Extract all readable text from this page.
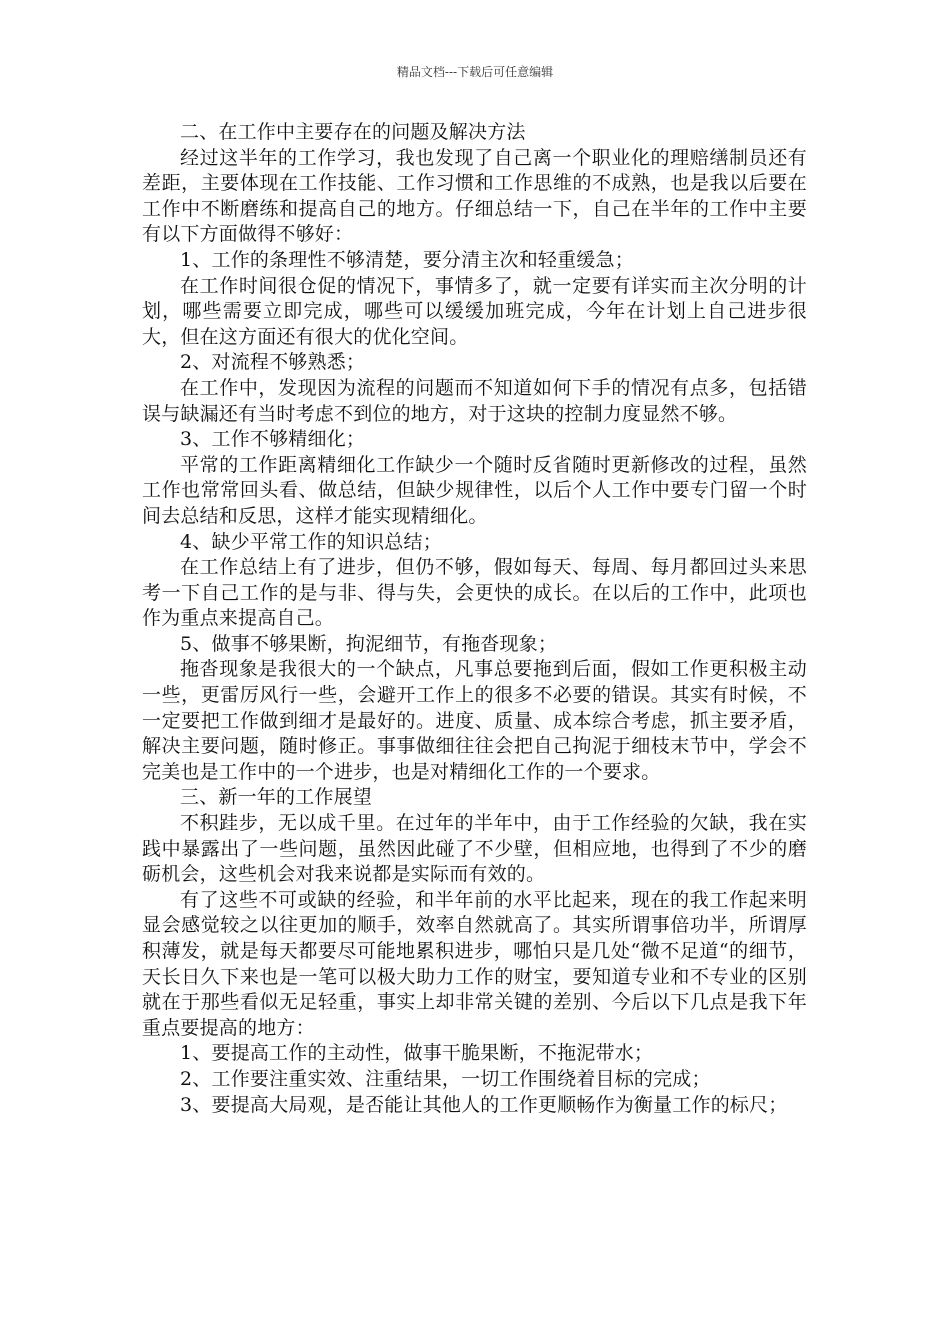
精品文档---下载后可任意编辑

二、在工作中主要存在的问题及解决方法

经过这半年的工作学习，我也发现了自己离一个职业化的理赔缮制员还有差距，主要体现在工作技能、工作习惯和工作思维的不成熟，也是我以后要在工作中不断磨练和提高自己的地方。仔细总结一下，自己在半年的工作中主要有以下方面做得不够好：

1、工作的条理性不够清楚，要分清主次和轻重缓急；

在工作时间很仓促的情况下，事情多了，就一定要有详实而主次分明的计划，哪些需要立即完成，哪些可以缓缓加班完成，今年在计划上自己进步很大，但在这方面还有很大的优化空间。

2、对流程不够熟悉；

在工作中，发现因为流程的问题而不知道如何下手的情况有点多，包括错误与缺漏还有当时考虑不到位的地方，对于这块的控制力度显然不够。

3、工作不够精细化；

平常的工作距离精细化工作缺少一个随时反省随时更新修改的过程，虽然工作也常常回头看、做总结，但缺少规律性，以后个人工作中要专门留一个时间去总结和反思，这样才能实现精细化。

4、缺少平常工作的知识总结；

在工作总结上有了进步，但仍不够，假如每天、每周、每月都回过头来思考一下自己工作的是与非、得与失，会更快的成长。在以后的工作中，此项也作为重点来提高自己。

5、做事不够果断，拘泥细节，有拖沓现象；

拖沓现象是我很大的一个缺点，凡事总要拖到后面，假如工作更积极主动一些，更雷厉风行一些，会避开工作上的很多不必要的错误。其实有时候，不一定要把工作做到细才是最好的。进度、质量、成本综合考虑，抓主要矛盾，解决主要问题，随时修正。事事做细往往会把自己拘泥于细枝末节中，学会不完美也是工作中的一个进步，也是对精细化工作的一个要求。

三、新一年的工作展望

不积跬步，无以成千里。在过年的半年中，由于工作经验的欠缺，我在实践中暴露出了一些问题，虽然因此碰了不少壁，但相应地，也得到了不少的磨砺机会，这些机会对我来说都是实际而有效的。

有了这些不可或缺的经验，和半年前的水平比起来，现在的我工作起来明显会感觉较之以往更加的顺手，效率自然就高了。其实所谓事倍功半，所谓厚积薄发，就是每天都要尽可能地累积进步，哪怕只是几处“微不足道“的细节，天长日久下来也是一笔可以极大助力工作的财宝，要知道专业和不专业的区别就在于那些看似无足轻重，事实上却非常关键的差别、今后以下几点是我下年重点要提高的地方：

1、要提高工作的主动性，做事干脆果断，不拖泥带水；

2、工作要注重实效、注重结果，一切工作围绕着目标的完成；

3、要提高大局观，是否能让其他人的工作更顺畅作为衡量工作的标尺；
